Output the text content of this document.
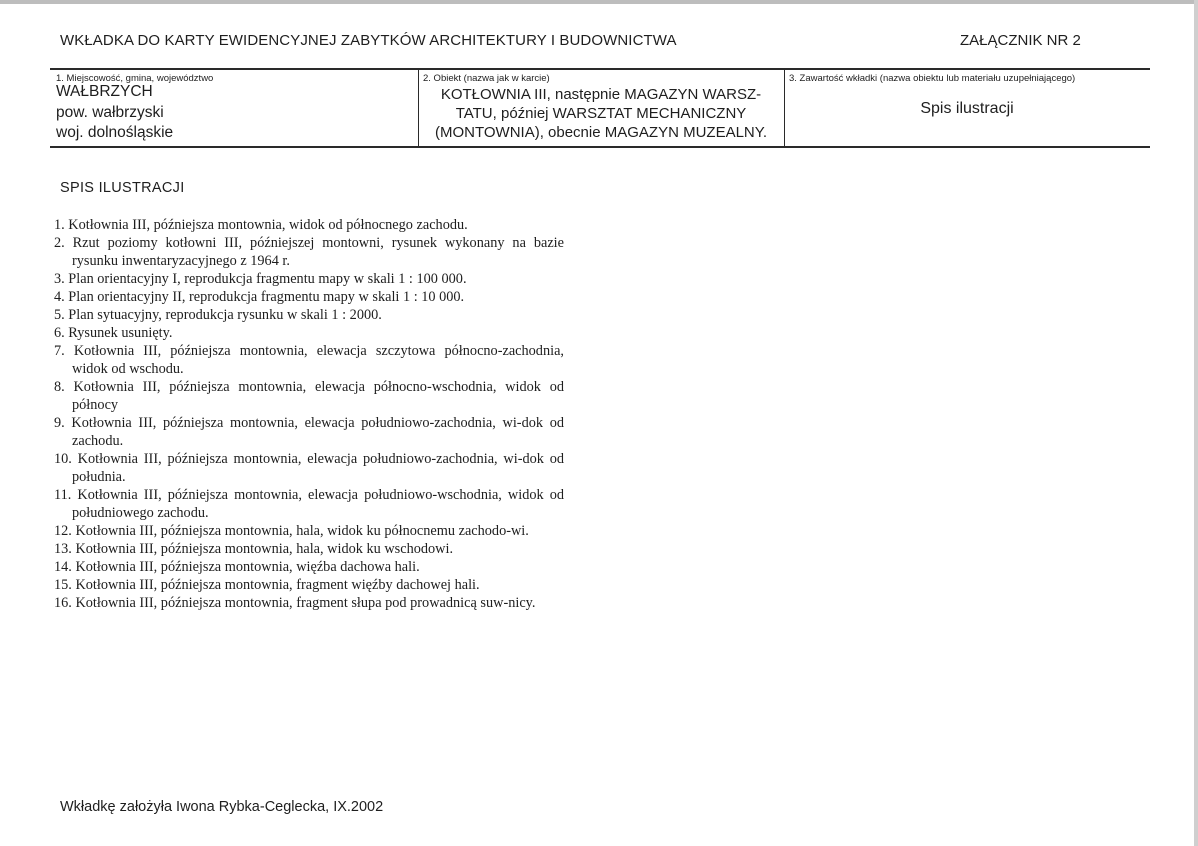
WKŁADKA DO KARTY EWIDENCYJNEJ ZABYTKÓW ARCHITEKTURY I BUDOWNICTWA	ZAŁĄCZNIK NR 2
1. Miejscowość, gmina, województwo
WAŁBRZYCH
pow. wałbrzyski
woj. dolnośląskie
2. Obiekt (nazwa jak w karcie)
KOTŁOWNIA III, następnie MAGAZYN WARSZ-
TATU, później WARSZTAT MECHANICZNY
(MONTOWNIA), obecnie MAGAZYN MUZEALNY.
3. Zawartość wkładki (nazwa obiektu lub materiału uzupełniającego)
Spis ilustracji
SPIS ILUSTRACJI
1. Kotłownia III, późniejsza montownia, widok od północnego zachodu.
2. Rzut poziomy kotłowni III, późniejszej montowni, rysunek wykonany na bazie rysunku inwentaryzacyjnego z 1964 r.
3. Plan orientacyjny I, reprodukcja fragmentu mapy w skali 1 : 100 000.
4. Plan orientacyjny II, reprodukcja fragmentu mapy w skali 1 : 10 000.
5. Plan sytuacyjny, reprodukcja rysunku w skali 1 : 2000.
6. Rysunek usunięty.
7. Kotłownia III, późniejsza montownia, elewacja szczytowa północno-zachodnia, widok od wschodu.
8. Kotłownia III, późniejsza montownia, elewacja północno-wschodnia, widok od północy
9. Kotłownia III, późniejsza montownia, elewacja południowo-zachodnia, wi-dok od zachodu.
10. Kotłownia III, późniejsza montownia, elewacja południowo-zachodnia, wi-dok od południa.
11. Kotłownia III, późniejsza montownia, elewacja południowo-wschodnia, widok od południowego zachodu.
12. Kotłownia III, późniejsza montownia, hala, widok ku północnemu zachodo-wi.
13. Kotłownia III, późniejsza montownia, hala, widok ku wschodowi.
14. Kotłownia III, późniejsza montownia, więźba dachowa hali.
15. Kotłownia III, późniejsza montownia, fragment więźby dachowej hali.
16. Kotłownia III, późniejsza montownia, fragment słupa pod prowadnicą suw-nicy.
Wkładkę założyła Iwona Rybka-Ceglecka, IX.2002
